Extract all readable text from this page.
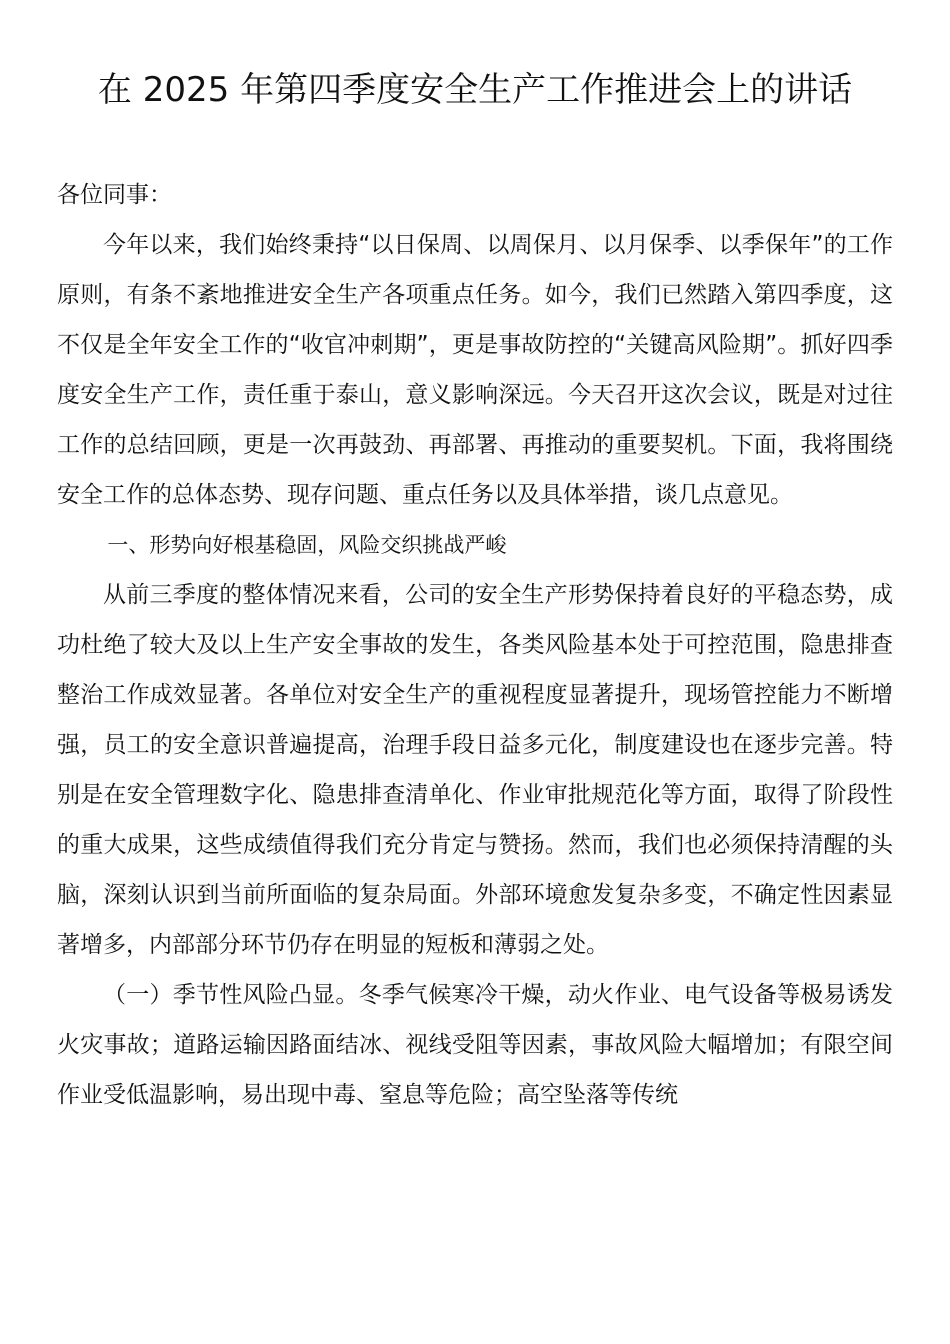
在 2025 年第四季度安全生产工作推进会上的讲话

各位同事：

今年以来，我们始终秉持“以日保周、以周保月、以月保季、以季保年”的工作原则，有条不紊地推进安全生产各项重点任务。如今，我们已然踏入第四季度，这不仅是全年安全工作的“收官冲刺期”，更是事故防控的“关键高风险期”。抓好四季度安全生产工作，责任重于泰山，意义影响深远。今天召开这次会议，既是对过往工作的总结回顾，更是一次再鼓劲、再部署、再推动的重要契机。下面，我将围绕安全工作的总体态势、现存问题、重点任务以及具体举措，谈几点意见。

一、形势向好根基稳固，风险交织挑战严峻

从前三季度的整体情况来看，公司的安全生产形势保持着良好的平稳态势，成功杜绝了较大及以上生产安全事故的发生，各类风险基本处于可控范围，隐患排查整治工作成效显著。各单位对安全生产的重视程度显著提升，现场管控能力不断增强，员工的安全意识普遍提高，治理手段日益多元化，制度建设也在逐步完善。特别是在安全管理数字化、隐患排查清单化、作业审批规范化等方面，取得了阶段性的重大成果，这些成绩值得我们充分肯定与赞扬。然而，我们也必须保持清醒的头脑，深刻认识到当前所面临的复杂局面。外部环境愈发复杂多变，不确定性因素显著增多，内部部分环节仍存在明显的短板和薄弱之处。

（一）季节性风险凸显。冬季气候寒冷干燥，动火作业、电气设备等极易诱发火灾事故；道路运输因路面结冰、视线受阻等因素，事故风险大幅增加；有限空间作业受低温影响，易出现中毒、窒息等危险；高空坠落等传统
